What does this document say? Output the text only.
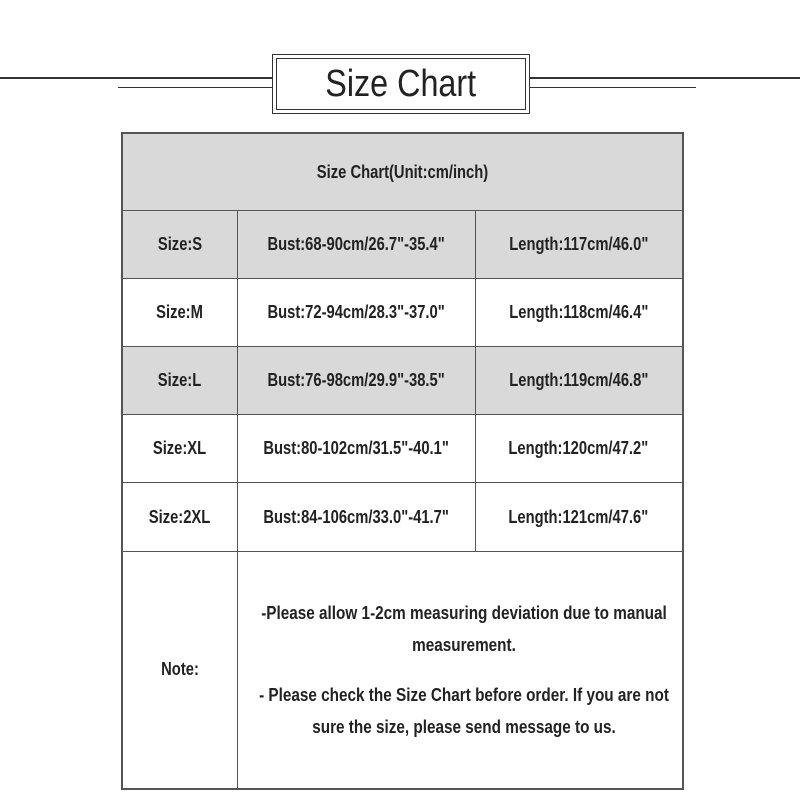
Size Chart
Size Chart(Unit:cm/inch)		
Size:S	Bust:68-90cm/26.7"-35.4"	Length:117cm/46.0"
Size:M	Bust:72-94cm/28.3"-37.0"	Length:118cm/46.4"
Size:L	Bust:76-98cm/29.9"-38.5"	Length:119cm/46.8"
Size:XL	Bust:80-102cm/31.5"-40.1"	Length:120cm/47.2"
Size:2XL	Bust:84-106cm/33.0"-41.7"	Length:121cm/47.6"
Note:	-Please allow 1-2cm measuring deviation due to manual measurement.

- Please check the Size Chart before order. If you are not sure the size, please send message to us.	
